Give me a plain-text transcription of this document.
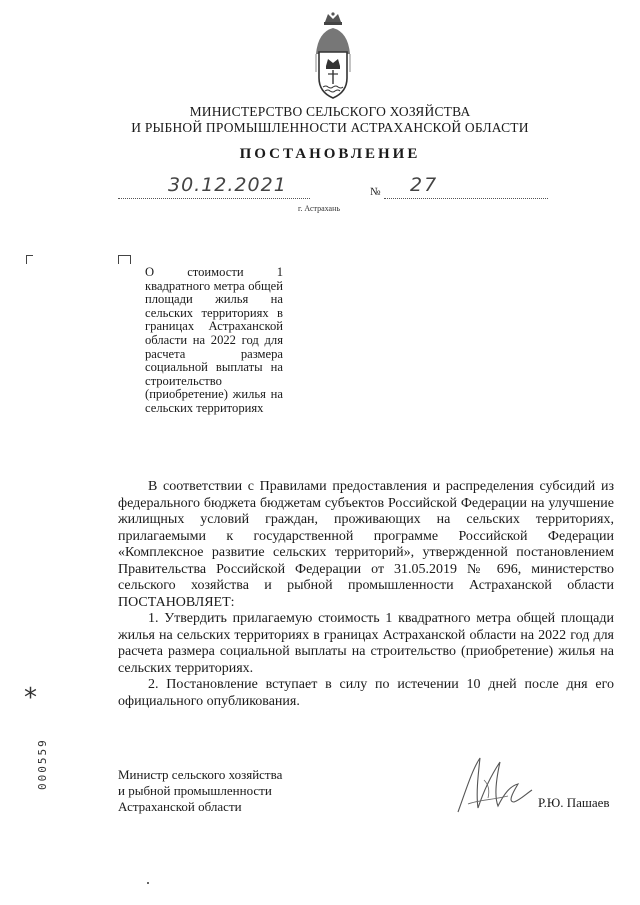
МИНИСТЕРСТВО СЕЛЬСКОГО ХОЗЯЙСТВА
И РЫБНОЙ ПРОМЫШЛЕННОСТИ АСТРАХАНСКОЙ ОБЛАСТИ
ПОСТАНОВЛЕНИЕ
30.12.2021	№ 27
г. Астрахань
О стоимости 1 квадратного метра общей площади жилья на сельских территориях в границах Астраханской области на 2022 год для расчета размера социальной выплаты на строительство (приобретение) жилья на сельских территориях

В соответствии с Правилами предоставления и распределения субсидий из федерального бюджета бюджетам субъектов Российской Федерации на улучшение жилищных условий граждан, проживающих на сельских территориях, прилагаемыми к государственной программе Российской Федерации «Комплексное развитие сельских территорий», утвержденной постановлением Правительства Российской Федерации от 31.05.2019 № 696, министерство сельского хозяйства и рыбной промышленности Астраханской области ПОСТАНОВЛЯЕТ:

1. Утвердить прилагаемую стоимость 1 квадратного метра общей площади жилья на сельских территориях в границах Астраханской области на 2022 год для расчета размера социальной выплаты на строительство (приобретение) жилья на сельских территориях.

2. Постановление вступает в силу по истечении 10 дней после дня его официального опубликования.

*
000559	Министр сельского хозяйства
и рыбной промышленности
Астраханской области	Р.Ю. Пашаев
